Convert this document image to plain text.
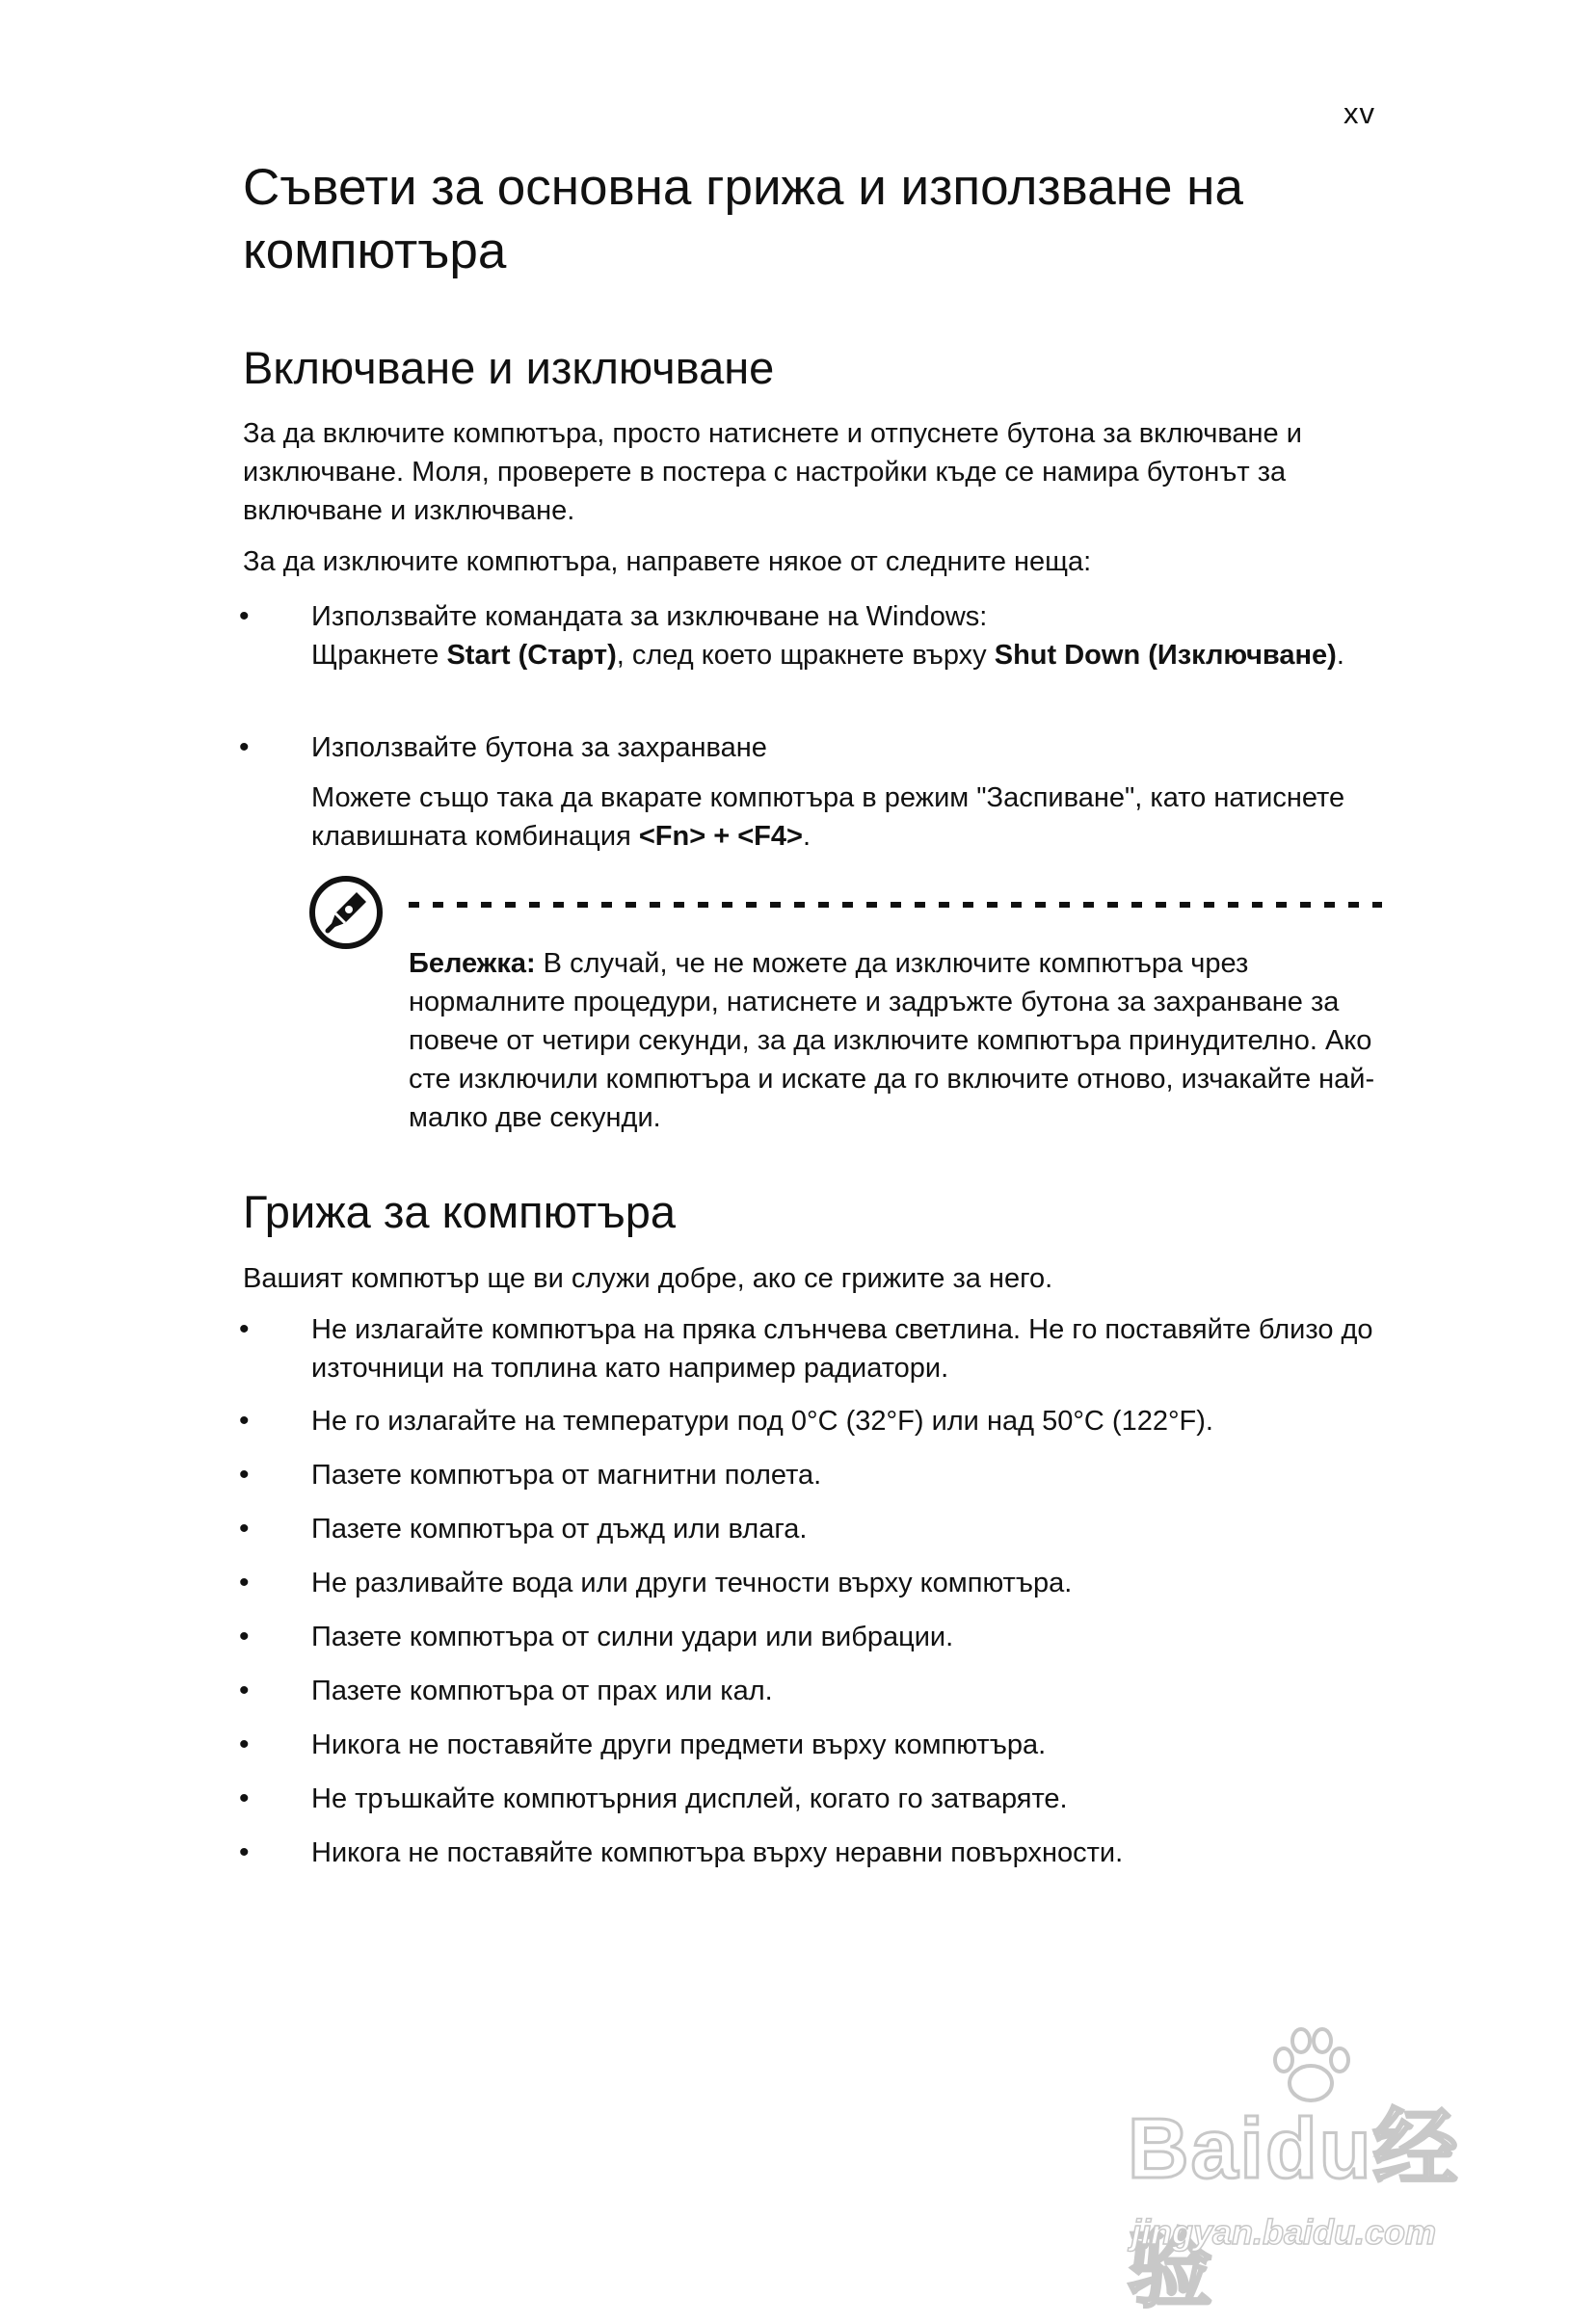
xv
Съвети за основна грижа и използване на компютъра
Включване и изключване

За да включите компютъра, просто натиснете и отпуснете бутона за включване и изключване. Моля, проверете в постера с настройки къде се намира бутонът за включване и изключване.

За да изключите компютъра, направете някое от следните неща:

• Използвайте командата за изключване на Windows:
Щракнете Start (Старт), след което щракнете върху Shut Down (Изключване).
• Използвайте бутона за захранване
Можете също така да вкарате компютъра в режим "Заспиване", като натиснете клавишната комбинация <Fn> + <F4>.

Бележка: В случай, че не можете да изключите компютъра чрез нормалните процедури, натиснете и задръжте бутона за захранване за повече от четири секунди, за да изключите компютъра принудително. Ако сте изключили компютъра и искате да го включите отново, изчакайте най-малко две секунди.

Грижа за компютъра

Вашият компютър ще ви служи добре, ако се грижите за него.

• Не излагайте компютъра на пряка слънчева светлина. Не го поставяйте близо до източници на топлина като например радиатори.

• Не го излагайте на температури под 0°C (32°F) или над 50°C (122°F).

• Пазете компютъра от магнитни полета.

• Пазете компютъра от дъжд или влага.

• Не разливайте вода или други течности върху компютъра.

• Пазете компютъра от силни удари или вибрации.

• Пазете компютъра от прах или кал.

• Никога не поставяйте други предмети върху компютъра.

• Не тръшкайте компютърния дисплей, когато го затваряте.

• Никога не поставяйте компютъра върху неравни повърхности.

Baidu经验
jingyan.baidu.com
